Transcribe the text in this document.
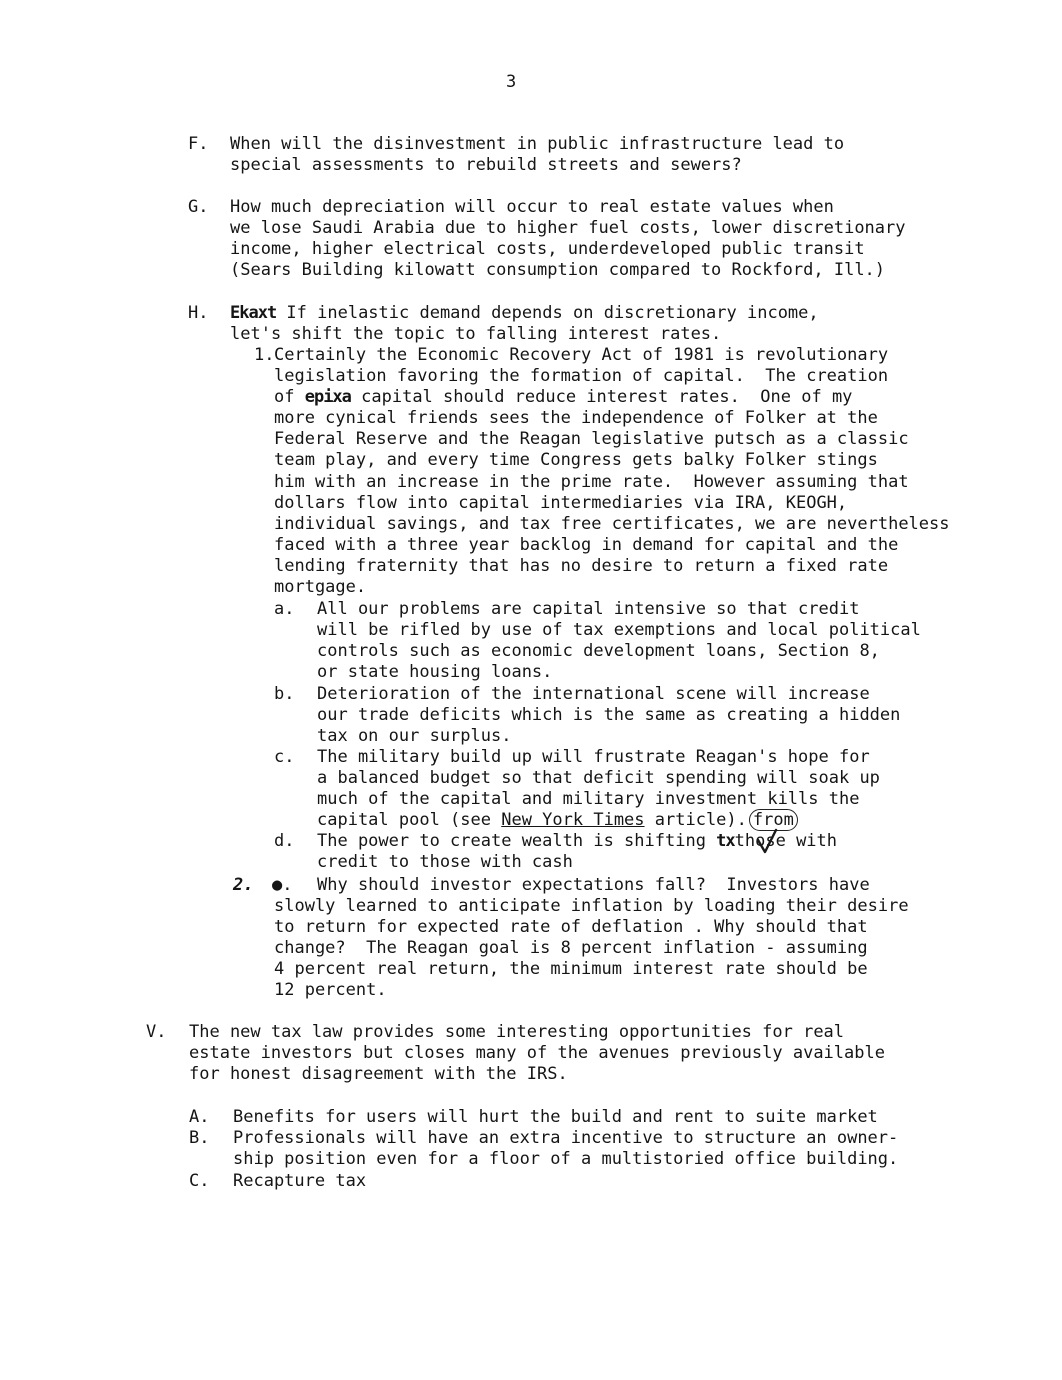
3
F. When will the disinvestment in public infrastructure lead to
special assessments to rebuild streets and sewers?
G. How much depreciation will occur to real estate values when
we lose Saudi Arabia due to higher fuel costs, lower discretionary
income, higher electrical costs, underdeveloped public transit
(Sears Building kilowatt consumption compared to Rockford, Ill.)
H. Ekaxt If inelastic demand depends on discretionary income,
let's shift the topic to falling interest rates.
1. Certainly the Economic Recovery Act of 1981 is revolutionary
legislation favoring the formation of capital.  The creation
of epixa capital should reduce interest rates.  One of my
more cynical friends sees the independence of Folker at the
Federal Reserve and the Reagan legislative putsch as a classic
team play, and every time Congress gets balky Folker stings
him with an increase in the prime rate.  However assuming that
dollars flow into capital intermediaries via IRA, KEOGH,
individual savings, and tax free certificates, we are nevertheless
faced with a three year backlog in demand for capital and the
lending fraternity that has no desire to return a fixed rate
mortgage.
a. All our problems are capital intensive so that credit
will be rifled by use of tax exemptions and local political
controls such as economic development loans, Section 8,
or state housing loans.
b. Deterioration of the international scene will increase
our trade deficits which is the same as creating a hidden
tax on our surplus.
c. The military build up will frustrate Reagan's hope for
a balanced budget so that deficit spending will soak up
much of the capital and military investment kills the
capital pool (see New York Times article). from
d. The power to create wealth is shifting txthose with
credit to those with cash
2. ●. Why should investor expectations fall?  Investors have
slowly learned to anticipate inflation by loading their desire
to return for expected rate of deflation . Why should that
change?  The Reagan goal is 8 percent inflation - assuming
4 percent real return, the minimum interest rate should be
12 percent.
V. The new tax law provides some interesting opportunities for real
estate investors but closes many of the avenues previously available
for honest disagreement with the IRS.
A. Benefits for users will hurt the build and rent to suite market
B. Professionals will have an extra incentive to structure an owner-
ship position even for a floor of a multistoried office building.
C. Recapture tax
